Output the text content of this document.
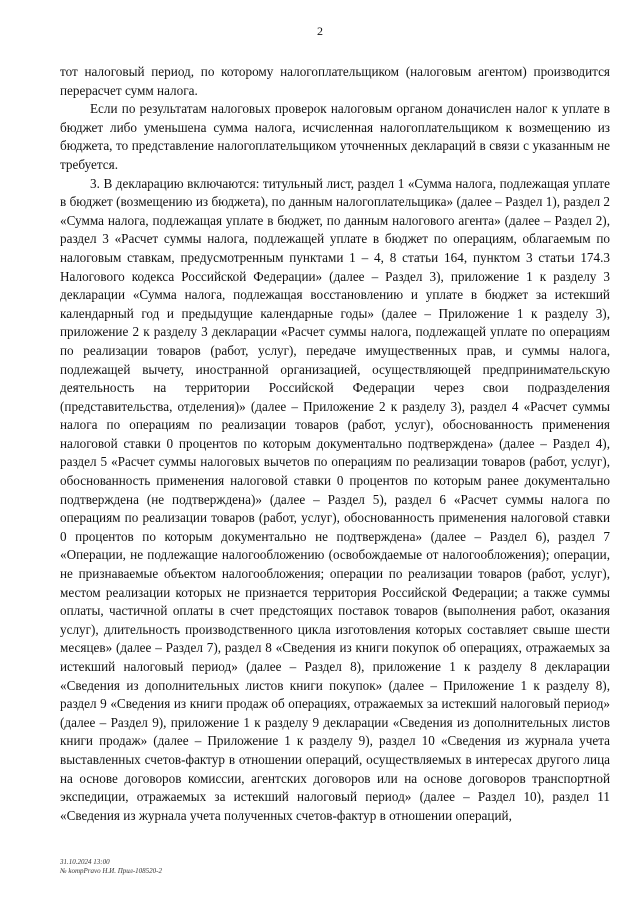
2

тот налоговый период, по которому налогоплательщиком (налоговым агентом) производится перерасчет сумм налога.

Если по результатам налоговых проверок налоговым органом доначислен налог к уплате в бюджет либо уменьшена сумма налога, исчисленная налогоплательщиком к возмещению из бюджета, то представление налогоплательщиком уточненных деклараций в связи с указанным не требуется.

3. В декларацию включаются: титульный лист, раздел 1 «Сумма налога, подлежащая уплате в бюджет (возмещению из бюджета), по данным налогоплательщика» (далее – Раздел 1), раздел 2 «Сумма налога, подлежащая уплате в бюджет, по данным налогового агента» (далее – Раздел 2), раздел 3 «Расчет суммы налога, подлежащей уплате в бюджет по операциям, облагаемым по налоговым ставкам, предусмотренным пунктами 1 – 4, 8 статьи 164, пунктом 3 статьи 174.3 Налогового кодекса Российской Федерации» (далее – Раздел 3), приложение 1 к разделу 3 декларации «Сумма налога, подлежащая восстановлению и уплате в бюджет за истекший календарный год и предыдущие календарные годы» (далее – Приложение 1 к разделу 3), приложение 2 к разделу 3 декларации «Расчет суммы налога, подлежащей уплате по операциям по реализации товаров (работ, услуг), передаче имущественных прав, и суммы налога, подлежащей вычету, иностранной организацией, осуществляющей предпринимательскую деятельность на территории Российской Федерации через свои подразделения (представительства, отделения)» (далее – Приложение 2 к разделу 3), раздел 4 «Расчет суммы налога по операциям по реализации товаров (работ, услуг), обоснованность применения налоговой ставки 0 процентов по которым документально подтверждена» (далее – Раздел 4), раздел 5 «Расчет суммы налоговых вычетов по операциям по реализации товаров (работ, услуг), обоснованность применения налоговой ставки 0 процентов по которым ранее документально подтверждена (не подтверждена)» (далее – Раздел 5), раздел 6 «Расчет суммы налога по операциям по реализации товаров (работ, услуг), обоснованность применения налоговой ставки 0 процентов по которым документально не подтверждена» (далее – Раздел 6), раздел 7 «Операции, не подлежащие налогообложению (освобождаемые от налогообложения); операции, не признаваемые объектом налогообложения; операции по реализации товаров (работ, услуг), местом реализации которых не признается территория Российской Федерации; а также суммы оплаты, частичной оплаты в счет предстоящих поставок товаров (выполнения работ, оказания услуг), длительность производственного цикла изготовления которых составляет свыше шести месяцев» (далее – Раздел 7), раздел 8 «Сведения из книги покупок об операциях, отражаемых за истекший налоговый период» (далее – Раздел 8), приложение 1 к разделу 8 декларации «Сведения из дополнительных листов книги покупок» (далее – Приложение 1 к разделу 8), раздел 9 «Сведения из книги продаж об операциях, отражаемых за истекший налоговый период» (далее – Раздел 9), приложение 1 к разделу 9 декларации «Сведения из дополнительных листов книги продаж» (далее – Приложение 1 к разделу 9), раздел 10 «Сведения из журнала учета выставленных счетов-фактур в отношении операций, осуществляемых в интересах другого лица на основе договоров комиссии, агентских договоров или на основе договоров транспортной экспедиции, отражаемых за истекший налоговый период» (далее – Раздел 10), раздел 11 «Сведения из журнала учета полученных счетов-фактур в отношении операций,

31.10.2024 13:00
№ kompPravo Н.И. Прил-108520-2
